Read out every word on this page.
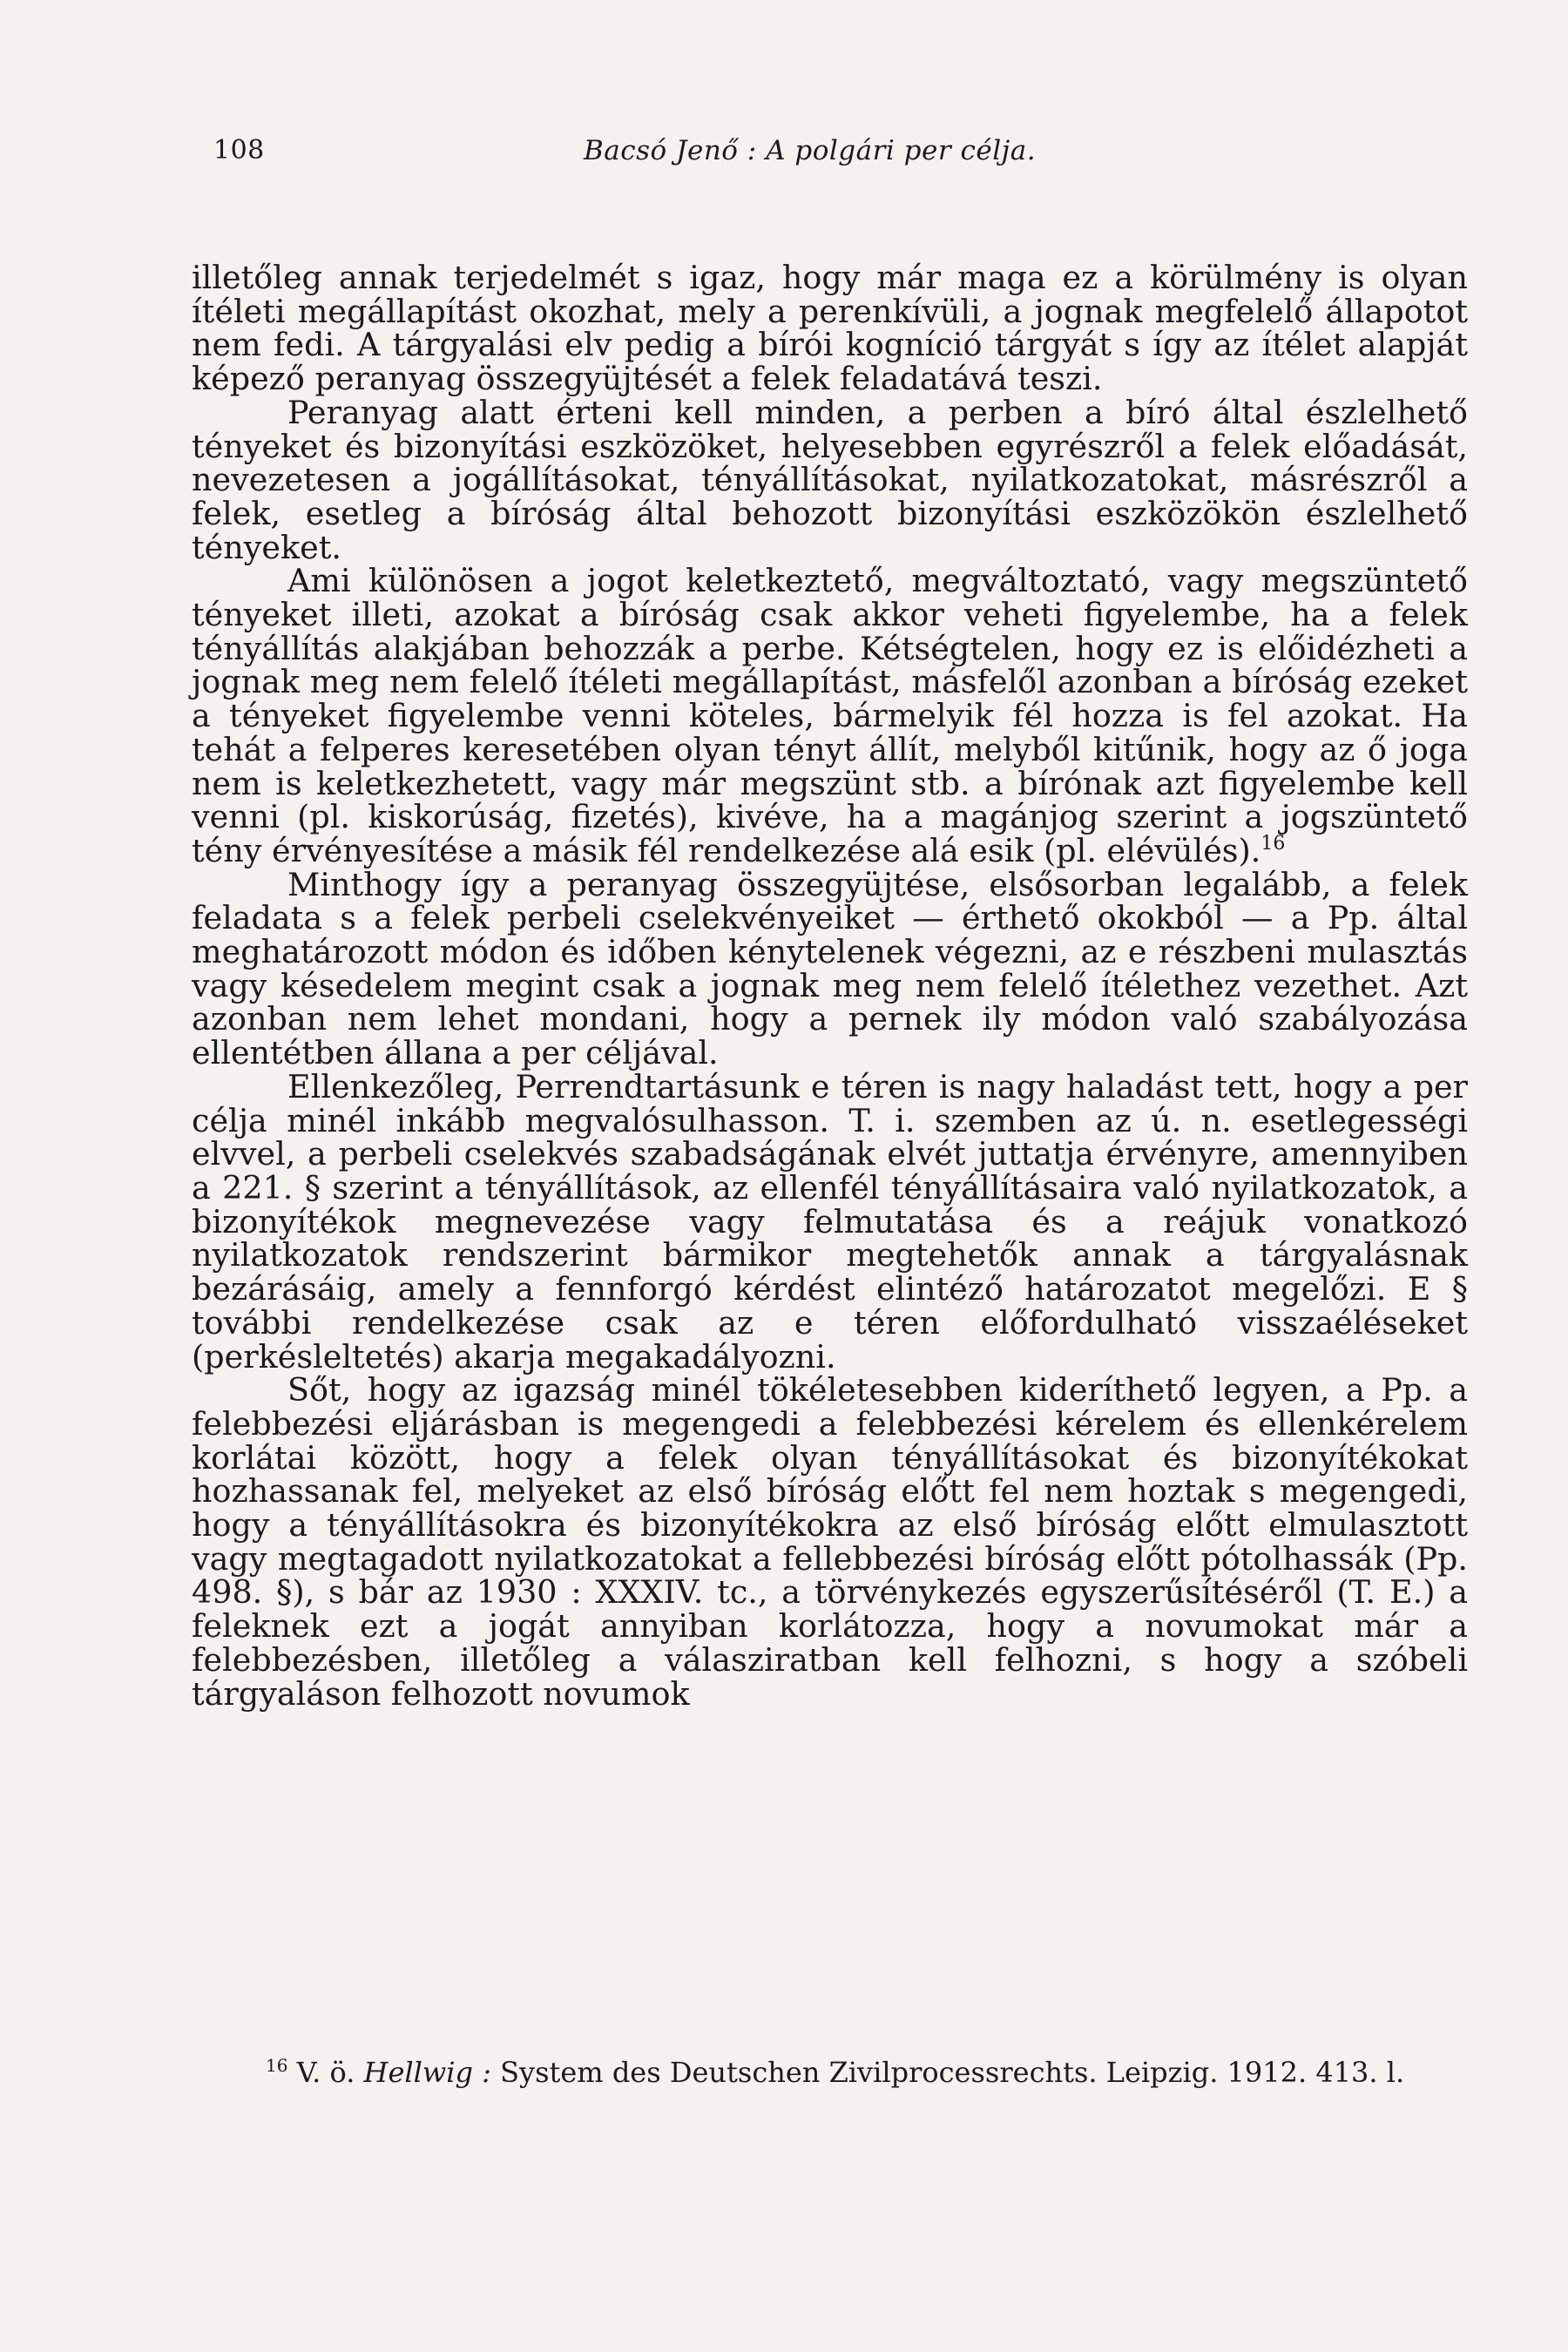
108	Bacsó Jenő : A polgári per célja.

illetőleg annak terjedelmét s igaz, hogy már maga ez a körülmény is olyan ítéleti megállapítást okozhat, mely a perenkívüli, a jognak megfelelő állapotot nem fedi. A tárgyalási elv pedig a bírói kogníció tárgyát s így az ítélet alapját képező peranyag összegyüjtését a felek feladatává teszi.

Peranyag alatt érteni kell minden, a perben a bíró által észlelhető tényeket és bizonyítási eszközöket, helyesebben egyrészről a felek előadását, nevezetesen a jogállításokat, tényállításokat, nyilatkozatokat, másrészről a felek, esetleg a bíróság által behozott bizonyítási eszközökön észlelhető tényeket.

Ami különösen a jogot keletkeztető, megváltoztató, vagy megszüntető tényeket illeti, azokat a bíróság csak akkor veheti figyelembe, ha a felek tényállítás alakjában behozzák a perbe. Kétségtelen, hogy ez is előidézheti a jognak meg nem felelő ítéleti megállapítást, másfelől azonban a bíróság ezeket a tényeket figyelembe venni köteles, bármelyik fél hozza is fel azokat. Ha tehát a felperes keresetében olyan tényt állít, melyből kitűnik, hogy az ő joga nem is keletkezhetett, vagy már megszünt stb. a bírónak azt figyelembe kell venni (pl. kiskorúság, fizetés), kivéve, ha a magánjog szerint a jogszüntető tény érvényesítése a másik fél rendelkezése alá esik (pl. elévülés).$^{16}$

Minthogy így a peranyag összegyüjtése, elsősorban legalább, a felek feladata s a felek perbeli cselekvényeiket — érthető okokból — a Pp. által meghatározott módon és időben kénytelenek végezni, az e részbeni mulasztás vagy késedelem megint csak a jognak meg nem felelő ítélethez vezethet. Azt azonban nem lehet mondani, hogy a pernek ily módon való szabályozása ellentétben állana a per céljával.

Ellenkezőleg, Perrendtartásunk e téren is nagy haladást tett, hogy a per célja minél inkább megvalósulhasson. T. i. szemben az ú. n. esetlegességi elvvel, a perbeli cselekvés szabadságának elvét juttatja érvényre, amennyiben a 221. § szerint a tényállítások, az ellenfél tényállításaira való nyilatkozatok, a bizonyítékok megnevezése vagy felmutatása és a reájuk vonatkozó nyilatkozatok rendszerint bármikor megtehetők annak a tárgyalásnak bezárásáig, amely a fennforgó kérdést elintéző határozatot megelőzi. E § további rendelkezése csak az e téren előfordulható visszaéléseket (perkésleltetés) akarja megakadályozni.

Sőt, hogy az igazság minél tökéletesebben kideríthető legyen, a Pp. a felebbezési eljárásban is megengedi a felebbezési kérelem és ellenkérelem korlátai között, hogy a felek olyan tényállításokat és bizonyítékokat hozhassanak fel, melyeket az első bíróság előtt fel nem hoztak s megengedi, hogy a tényállításokra és bizonyítékokra az első bíróság előtt elmulasztott vagy megtagadott nyilatkozatokat a fellebbezési bíróság előtt pótolhassák (Pp. 498. §), s bár az 1930 : XXXIV. tc., a törvénykezés egyszerűsítéséről (T. E.) a feleknek ezt a jogát annyiban korlátozza, hogy a novumokat már a felebbezésben, illetőleg a válasziratban kell felhozni, s hogy a szóbeli tárgyaláson felhozott novumok

$^{16}$ V. ö. Hellwig : System des Deutschen Zivilprocessrechts. Leipzig. 1912. 413. l.
